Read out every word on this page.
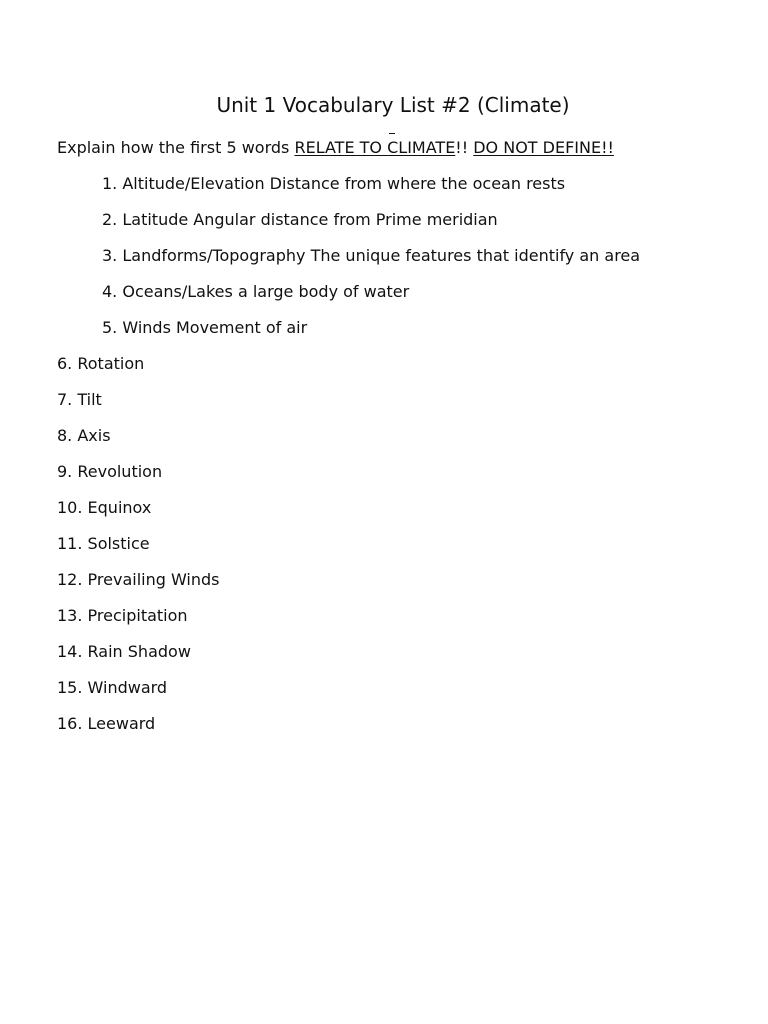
Unit 1 Vocabulary List #2 (Climate)
Explain how the first 5 words RELATE TO CLIMATE!! DO NOT DEFINE!!
1. Altitude/Elevation Distance from where the ocean rests
2. Latitude Angular distance from Prime meridian
3. Landforms/Topography The unique features that identify an area
4. Oceans/Lakes a large body of water
5. Winds Movement of air
6. Rotation
7. Tilt
8. Axis
9. Revolution
10. Equinox
11. Solstice
12. Prevailing Winds
13. Precipitation
14. Rain Shadow
15. Windward
16. Leeward
